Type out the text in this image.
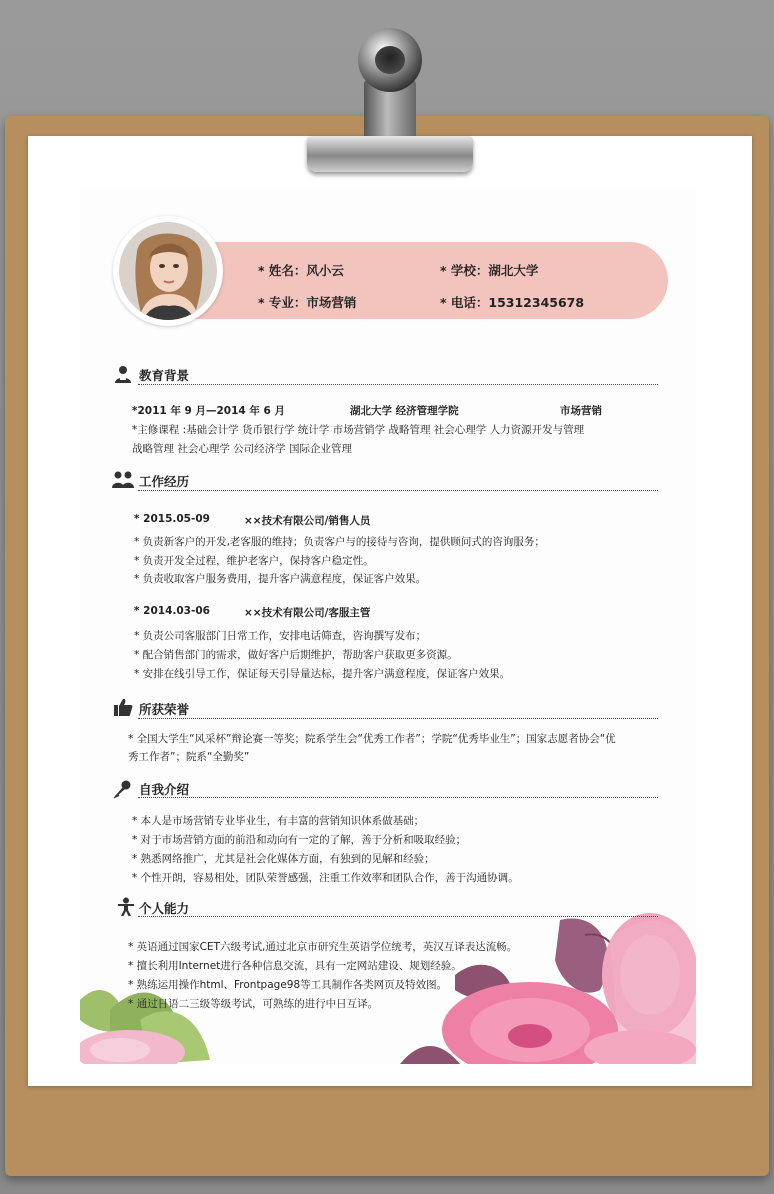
* 姓名：风小云	* 学校：湖北大学
* 专业：市场营销	* 电话：15312345678
教育背景
*2011 年 9 月—2014 年 6 月	湖北大学 经济管理学院	市场营销
*主修课程 :基础会计学 货币银行学 统计学 市场营销学 战略管理 社会心理学 人力资源开发与管理
战略管理 社会心理学 公司经济学 国际企业管理
工作经历
* 2015.05-09	××技术有限公司/销售人员
* 负责新客户的开发,老客服的维持；负责客户与的接待与咨询，提供顾问式的咨询服务；
* 负责开发全过程，维护老客户，保持客户稳定性。
* 负责收取客户服务费用，提升客户满意程度，保证客户效果。
* 2014.03-06	××技术有限公司/客服主管
* 负责公司客服部门日常工作，安排电话筛查，咨询撰写发布；
* 配合销售部门的需求，做好客户后期维护，帮助客户获取更多资源。
* 安排在线引导工作，保证每天引导量达标，提升客户满意程度，保证客户效果。
所获荣誉
* 全国大学生“风采杯”辩论赛一等奖；院系学生会“优秀工作者”；学院“优秀毕业生”；国家志愿者协会“优
秀工作者”；院系“全勤奖”
自我介绍
* 本人是市场营销专业毕业生，有丰富的营销知识体系做基础；
* 对于市场营销方面的前沿和动向有一定的了解，善于分析和吸取经验；
* 熟悉网络推广，尤其是社会化媒体方面，有独到的见解和经验；
* 个性开朗，容易相处，团队荣誉感强，注重工作效率和团队合作，善于沟通协调。
个人能力
* 英语通过国家CET六级考试,通过北京市研究生英语学位统考，英汉互译表达流畅。
* 擅长利用Internet进行各种信息交流，具有一定网站建设、规划经验。
* 熟练运用操作html、Frontpage98等工具制作各类网页及特效图。
* 通过日语二三级等级考试，可熟练的进行中日互译。
